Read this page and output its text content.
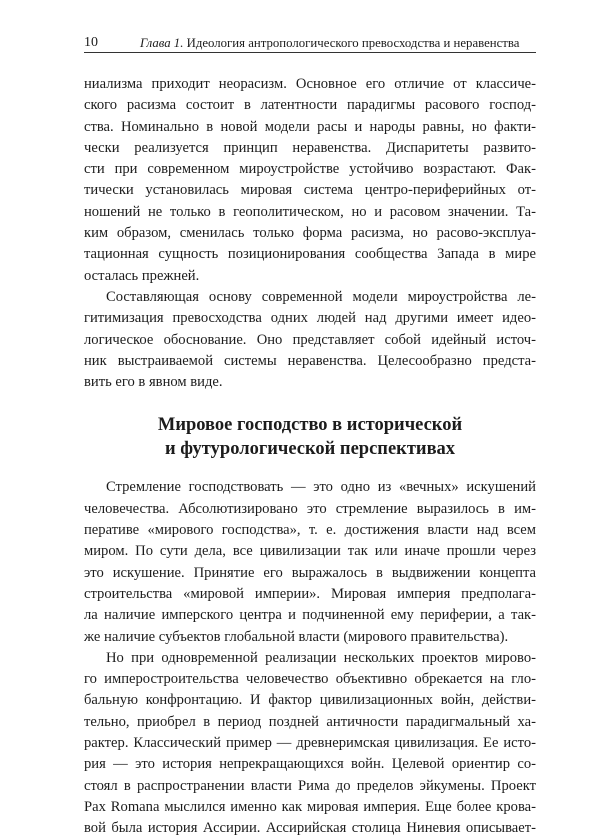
10	Глава 1. Идеология антропологического превосходства и неравенства
ниализма приходит неорасизм. Основное его отличие от классиче-
ского расизма состоит в латентности парадигмы расового господ-
ства. Номинально в новой модели расы и народы равны, но факти-
чески реализуется принцип неравенства. Диспаритеты развито-
сти при современном мироустройстве устойчиво возрастают. Фак-
тически установилась мировая система центро-периферийных от-
ношений не только в геополитическом, но и расовом значении. Та-
ким образом, сменилась только форма расизма, но расово-эксплуа-
тационная сущность позиционирования сообщества Запада в мире
осталась прежней.
Составляющая основу современной модели мироустройства ле-
гитимизация превосходства одних людей над другими имеет идео-
логическое обоснование. Оно представляет собой идейный источ-
ник выстраиваемой системы неравенства. Целесообразно предста-
вить его в явном виде.
Мировое господство в исторической
и футурологической перспективах
Стремление господствовать — это одно из «вечных» искушений
человечества. Абсолютизировано это стремление выразилось в им-
перативе «мирового господства», т. е. достижения власти над всем
миром. По сути дела, все цивилизации так или иначе прошли через
это искушение. Принятие его выражалось в выдвижении концепта
строительства «мировой империи». Мировая империя предполага-
ла наличие имперского центра и подчиненной ему периферии, а так-
же наличие субъектов глобальной власти (мирового правительства).
Но при одновременной реализации нескольких проектов мирово-
го имперостроительства человечество объективно обрекается на гло-
бальную конфронтацию. И фактор цивилизационных войн, действи-
тельно, приобрел в период поздней античности парадигмальный ха-
рактер. Классический пример — древнеримская цивилизация. Ее исто-
рия — это история непрекращающихся войн. Целевой ориентир со-
стоял в распространении власти Рима до пределов эйкумены. Проект
Pax Romana мыслился именно как мировая империя. Еще более крова-
вой была история Ассирии. Ассирийская столица Ниневия описывает-
